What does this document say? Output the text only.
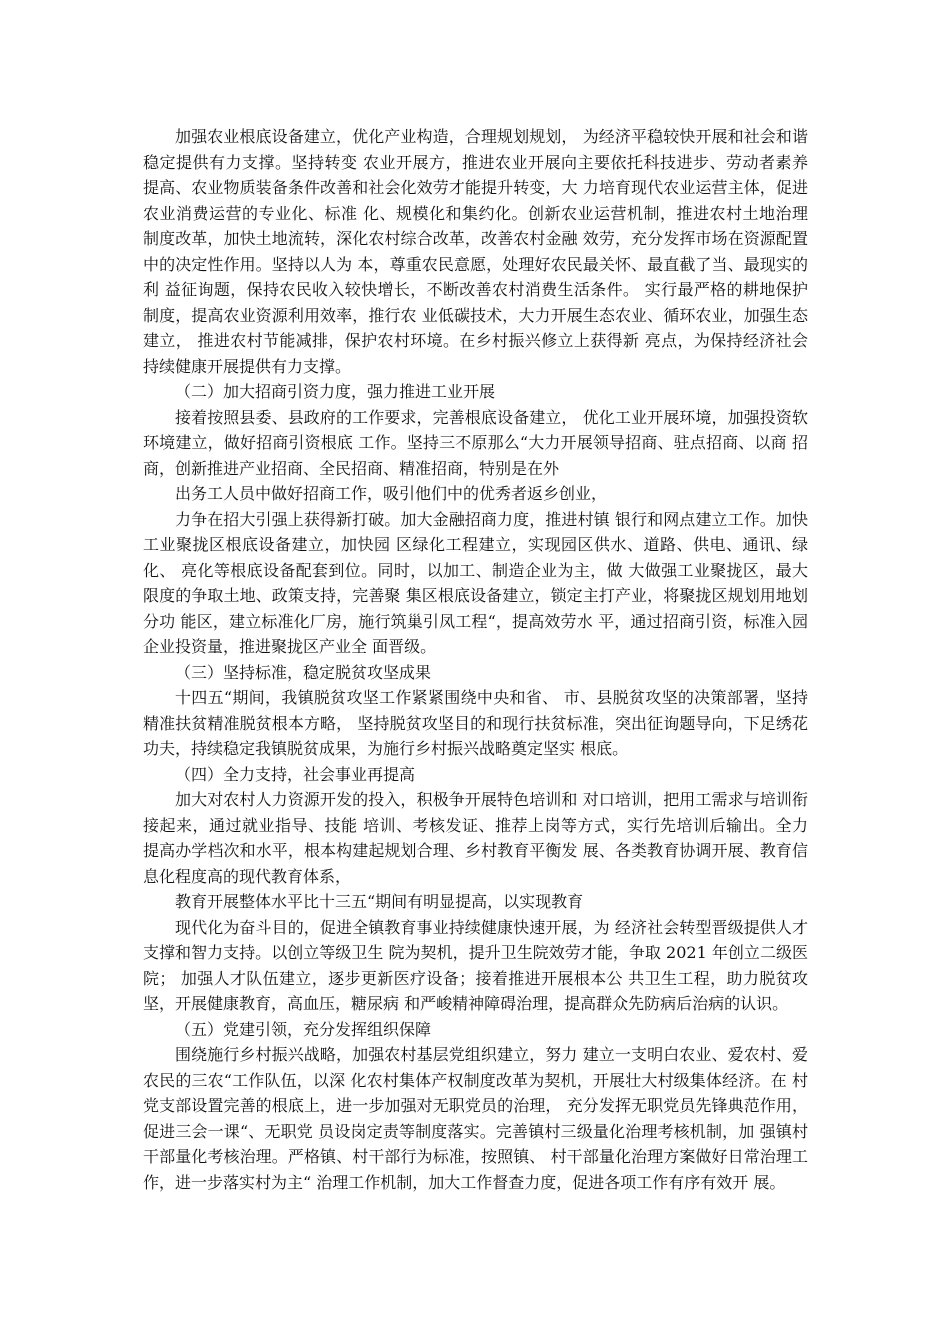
加强农业根底设备建立，优化产业构造，合理规划规划， 为经济平稳较快开展和社会和谐稳定提供有力支撑。坚持转变 农业开展方，推进农业开展向主要依托科技进步、劳动者素养 提高、农业物质装备条件改善和社会化效劳才能提升转变，大 力培育现代农业运营主体，促进农业消费运营的专业化、标准 化、规模化和集约化。创新农业运营机制，推进农村土地治理 制度改革，加快土地流转，深化农村综合改革，改善农村金融 效劳，充分发挥市场在资源配置中的决定性作用。坚持以人为 本，尊重农民意愿，处理好农民最关怀、最直截了当、最现实的利 益征询题，保持农民收入较快增长，不断改善农村消费生活条件。 实行最严格的耕地保护制度，提高农业资源利用效率，推行农 业低碳技术，大力开展生态农业、循环农业，加强生态建立， 推进农村节能减排，保护农村环境。在乡村振兴修立上获得新 亮点，为保持经济社会持续健康开展提供有力支撑。

（二）加大招商引资力度，强力推进工业开展

接着按照县委、县政府的工作要求，完善根底设备建立， 优化工业开展环境，加强投资软环境建立，做好招商引资根底 工作。坚持三不原那么“大力开展领导招商、驻点招商、以商 招商，创新推进产业招商、全民招商、精准招商，特别是在外

出务工人员中做好招商工作，吸引他们中的优秀者返乡创业，

力争在招大引强上获得新打破。加大金融招商力度，推进村镇 银行和网点建立工作。加快工业聚拢区根底设备建立，加快园 区绿化工程建立，实现园区供水、道路、供电、通讯、绿化、 亮化等根底设备配套到位。同时，以加工、制造企业为主，做 大做强工业聚拢区，最大限度的争取土地、政策支持，完善聚 集区根底设备建立，锁定主打产业，将聚拢区规划用地划分功 能区，建立标准化厂房，施行筑巢引凤工程“，提高效劳水 平，通过招商引资，标准入园企业投资量，推进聚拢区产业全 面晋级。

（三）坚持标准，稳定脱贫攻坚成果

十四五“期间，我镇脱贫攻坚工作紧紧围绕中央和省、 市、县脱贫攻坚的决策部署，坚持精准扶贫精准脱贫根本方略， 坚持脱贫攻坚目的和现行扶贫标准，突出征询题导向，下足绣花 功夫，持续稳定我镇脱贫成果，为施行乡村振兴战略奠定坚实 根底。

（四）全力支持，社会事业再提高

加大对农村人力资源开发的投入，积极争开展特色培训和 对口培训，把用工需求与培训衔接起来，通过就业指导、技能 培训、考核发证、推荐上岗等方式，实行先培训后输出。全力 提高办学档次和水平，根本构建起规划合理、乡村教育平衡发 展、各类教育协调开展、教育信息化程度高的现代教育体系，

教育开展整体水平比十三五“期间有明显提高，以实现教育

现代化为奋斗目的，促进全镇教育事业持续健康快速开展，为 经济社会转型晋级提供人才支撑和智力支持。以创立等级卫生 院为契机，提升卫生院效劳才能，争取 2021 年创立二级医院； 加强人才队伍建立，逐步更新医疗设备；接着推进开展根本公 共卫生工程，助力脱贫攻坚，开展健康教育，高血压，糖尿病 和严峻精神障碍治理，提高群众先防病后治病的认识。

（五）党建引领，充分发挥组织保障

围绕施行乡村振兴战略，加强农村基层党组织建立，努力 建立一支明白农业、爱农村、爱农民的三农“工作队伍，以深 化农村集体产权制度改革为契机，开展壮大村级集体经济。在 村党支部设置完善的根底上，进一步加强对无职党员的治理， 充分发挥无职党员先锋典范作用，促进三会一课“、无职党 员设岗定责等制度落实。完善镇村三级量化治理考核机制，加 强镇村干部量化考核治理。严格镇、村干部行为标准，按照镇、 村干部量化治理方案做好日常治理工作，进一步落实村为主“ 治理工作机制，加大工作督查力度，促进各项工作有序有效开 展。
